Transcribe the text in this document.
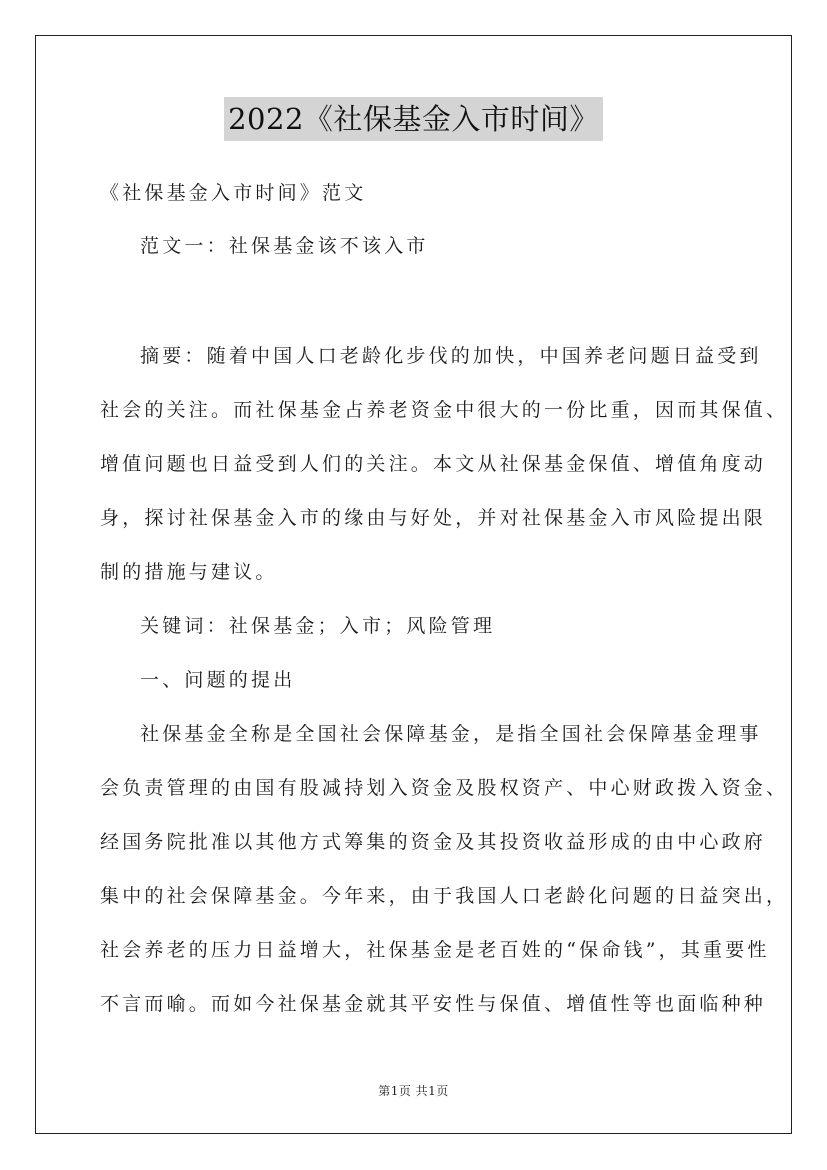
2022《社保基金入市时间》
《社保基金入市时间》范文
范文一：社保基金该不该入市
摘要：随着中国人口老龄化步伐的加快，中国养老问题日益受到
社会的关注。而社保基金占养老资金中很大的一份比重，因而其保值、
增值问题也日益受到人们的关注。本文从社保基金保值、增值角度动
身，探讨社保基金入市的缘由与好处，并对社保基金入市风险提出限
制的措施与建议。
关键词：社保基金；入市；风险管理
一、问题的提出
社保基金全称是全国社会保障基金，是指全国社会保障基金理事
会负责管理的由国有股减持划入资金及股权资产、中心财政拨入资金、
经国务院批准以其他方式筹集的资金及其投资收益形成的由中心政府
集中的社会保障基金。今年来，由于我国人口老龄化问题的日益突出，
社会养老的压力日益增大，社保基金是老百姓的“保命钱”，其重要性
不言而喻。而如今社保基金就其平安性与保值、增值性等也面临种种
第1页 共1页
